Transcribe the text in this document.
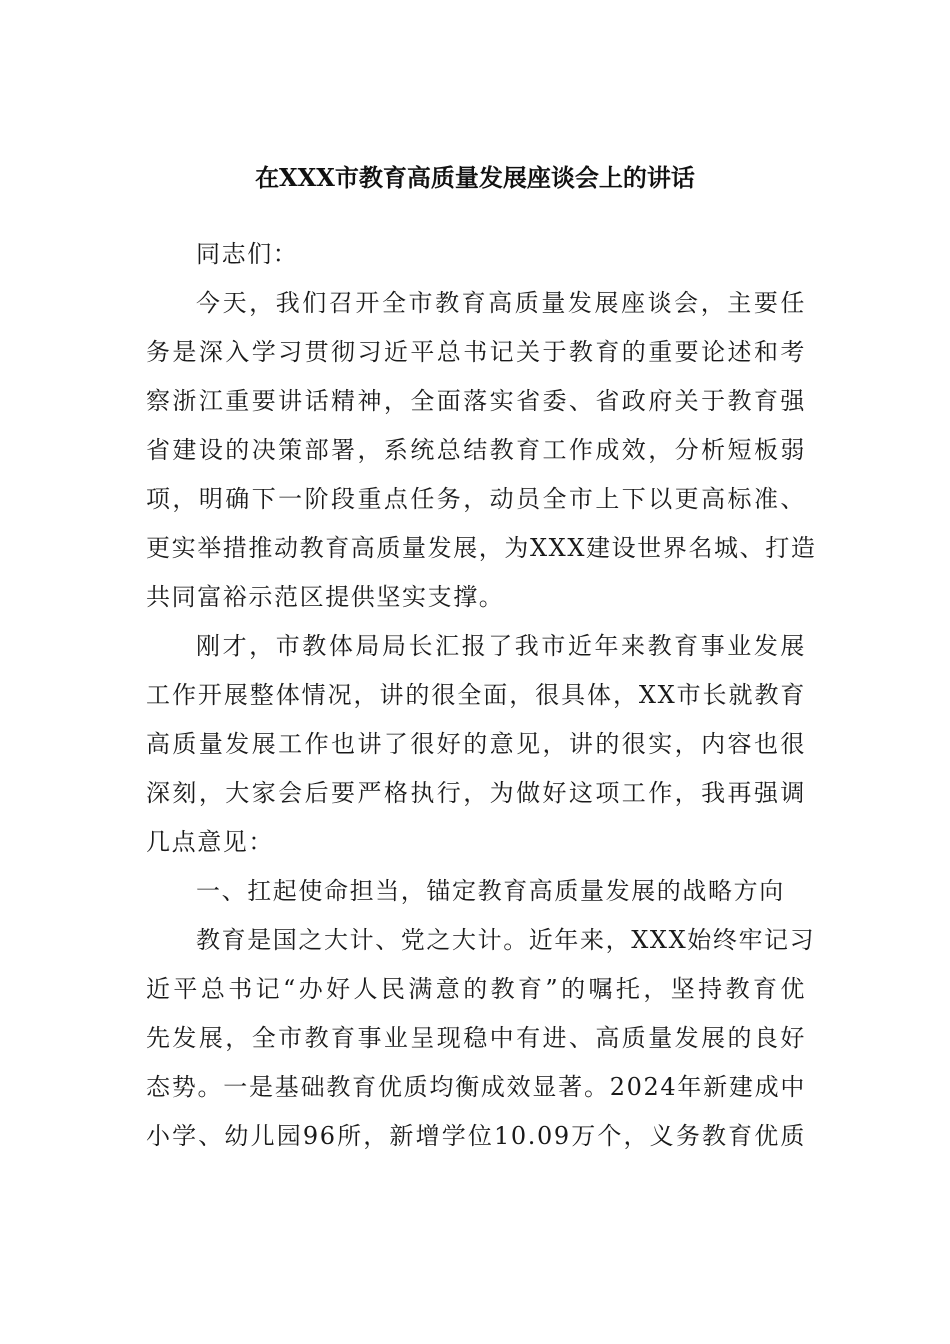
在XXX市教育高质量发展座谈会上的讲话

同志们：

今天，我们召开全市教育高质量发展座谈会，主要任
务是深入学习贯彻习近平总书记关于教育的重要论述和考
察浙江重要讲话精神，全面落实省委、省政府关于教育强
省建设的决策部署，系统总结教育工作成效，分析短板弱
项，明确下一阶段重点任务，动员全市上下以更高标准、
更实举措推动教育高质量发展，为XXX建设世界名城、打造
共同富裕示范区提供坚实支撑。

刚才，市教体局局长汇报了我市近年来教育事业发展
工作开展整体情况，讲的很全面，很具体，XX市长就教育
高质量发展工作也讲了很好的意见，讲的很实，内容也很
深刻，大家会后要严格执行，为做好这项工作，我再强调
几点意见：

一、扛起使命担当，锚定教育高质量发展的战略方向

教育是国之大计、党之大计。近年来，XXX始终牢记习
近平总书记“办好人民满意的教育”的嘱托，坚持教育优
先发展，全市教育事业呈现稳中有进、高质量发展的良好
态势。一是基础教育优质均衡成效显著。2024年新建成中
小学、幼儿园96所，新增学位10.09万个，义务教育优质
